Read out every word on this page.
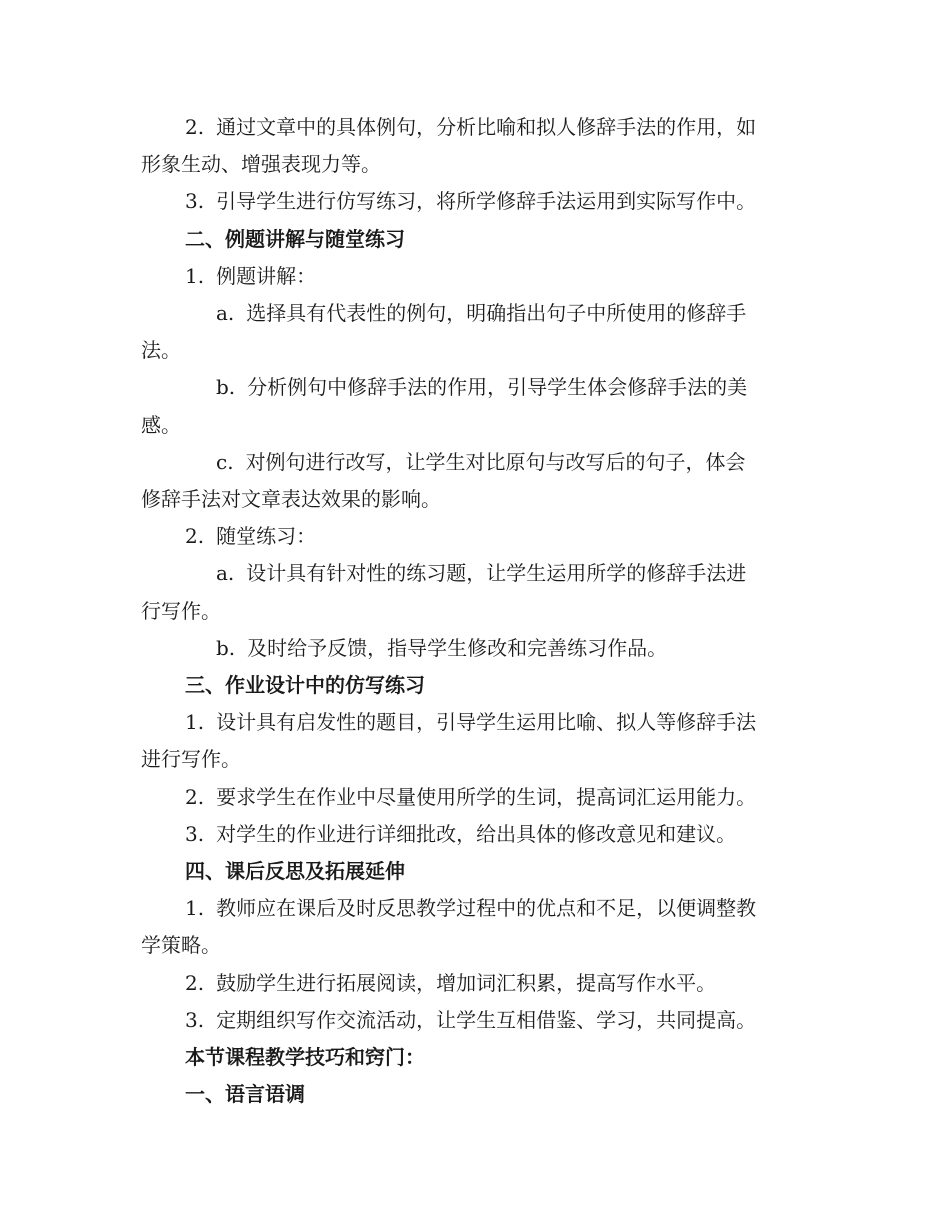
2. 通过文章中的具体例句，分析比喻和拟人修辞手法的作用，如
形象生动、增强表现力等。
3. 引导学生进行仿写练习，将所学修辞手法运用到实际写作中。
二、例题讲解与随堂练习
1. 例题讲解：
a. 选择具有代表性的例句，明确指出句子中所使用的修辞手
法。
b. 分析例句中修辞手法的作用，引导学生体会修辞手法的美
感。
c. 对例句进行改写，让学生对比原句与改写后的句子，体会
修辞手法对文章表达效果的影响。
2. 随堂练习：
a. 设计具有针对性的练习题，让学生运用所学的修辞手法进
行写作。
b. 及时给予反馈，指导学生修改和完善练习作品。
三、作业设计中的仿写练习
1. 设计具有启发性的题目，引导学生运用比喻、拟人等修辞手法
进行写作。
2. 要求学生在作业中尽量使用所学的生词，提高词汇运用能力。
3. 对学生的作业进行详细批改，给出具体的修改意见和建议。
四、课后反思及拓展延伸
1. 教师应在课后及时反思教学过程中的优点和不足，以便调整教
学策略。
2. 鼓励学生进行拓展阅读，增加词汇积累，提高写作水平。
3. 定期组织写作交流活动，让学生互相借鉴、学习，共同提高。
本节课程教学技巧和窍门：
一、语言语调
